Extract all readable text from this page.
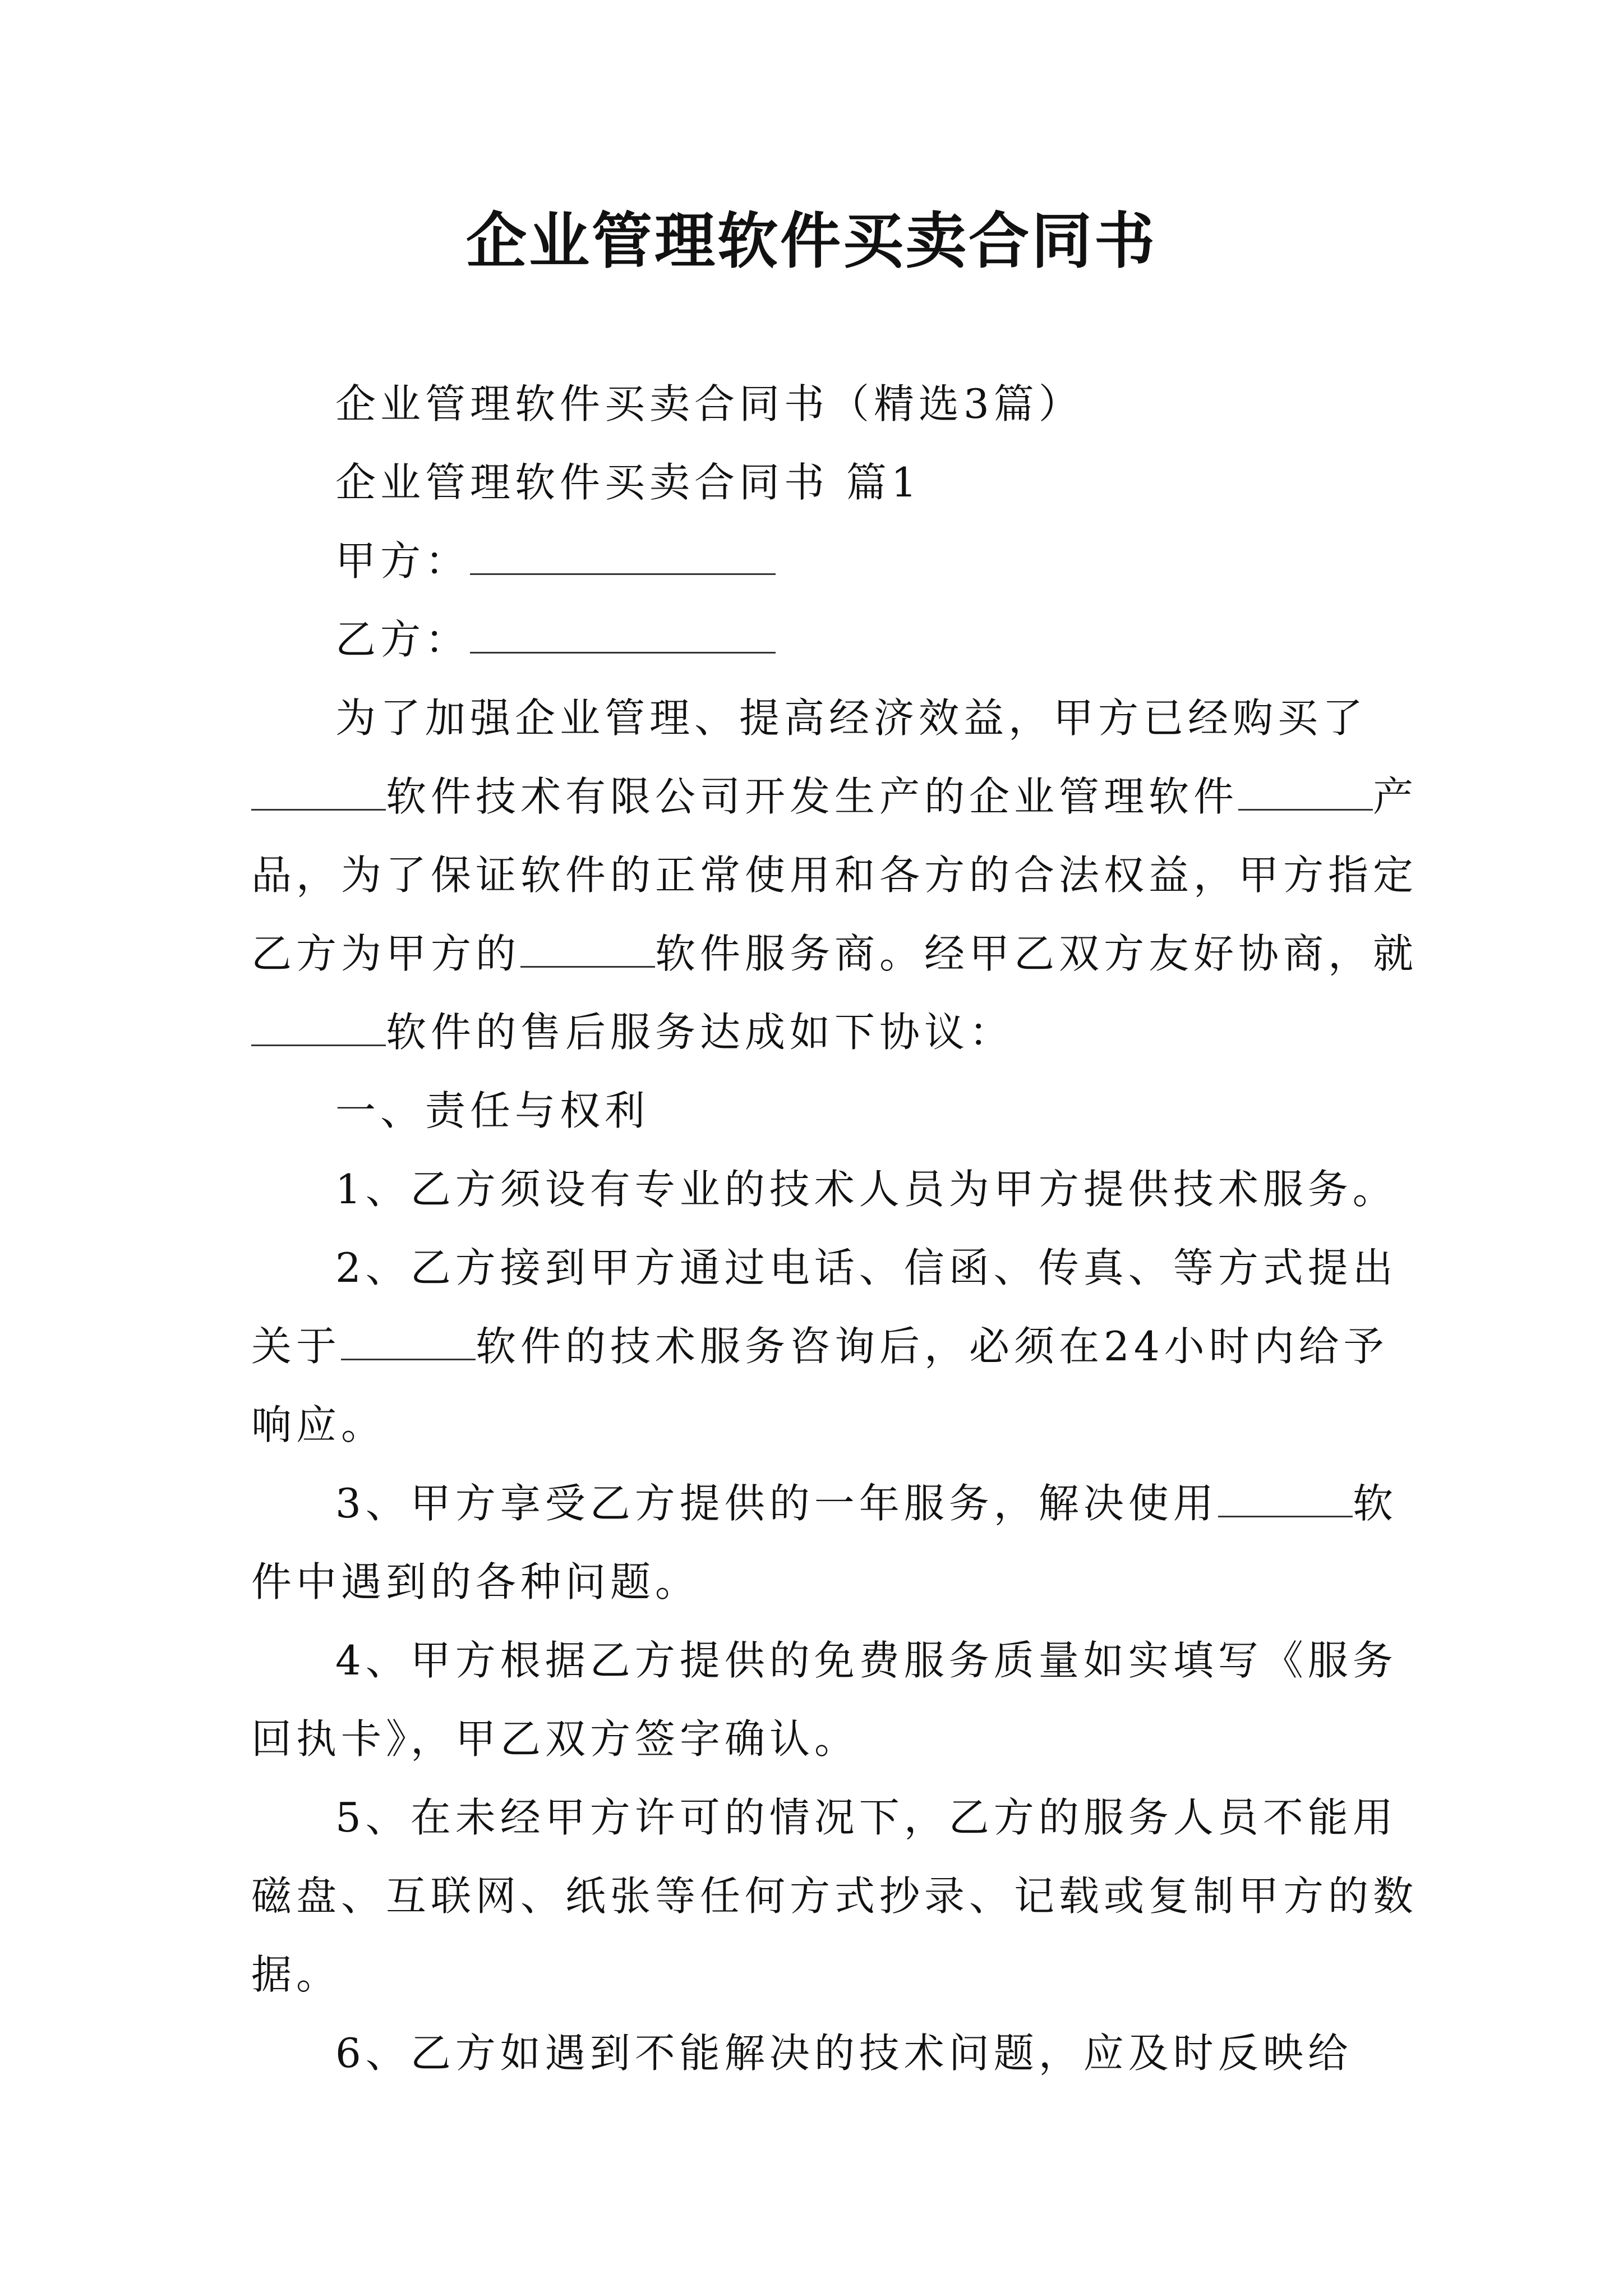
企业管理软件买卖合同书
企业管理软件买卖合同书（精选3篇）
企业管理软件买卖合同书 篇1
甲方：
乙方：
为了加强企业管理、提高经济效益，甲方已经购买了
软件技术有限公司开发生产的企业管理软件	产
品，为了保证软件的正常使用和各方的合法权益，甲方指定
乙方为甲方的	软件服务商。经甲乙双方友好协商，就
软件的售后服务达成如下协议：
一、责任与权利
1、乙方须设有专业的技术人员为甲方提供技术服务。
2、乙方接到甲方通过电话、信函、传真、等方式提出
关于	软件的技术服务咨询后，必须在24小时内给予
响应。
3、甲方享受乙方提供的一年服务，解决使用	软
件中遇到的各种问题。
4、甲方根据乙方提供的免费服务质量如实填写《服务
回执卡》，甲乙双方签字确认。
5、在未经甲方许可的情况下，乙方的服务人员不能用
磁盘、互联网、纸张等任何方式抄录、记载或复制甲方的数
据。
6、乙方如遇到不能解决的技术问题，应及时反映给
